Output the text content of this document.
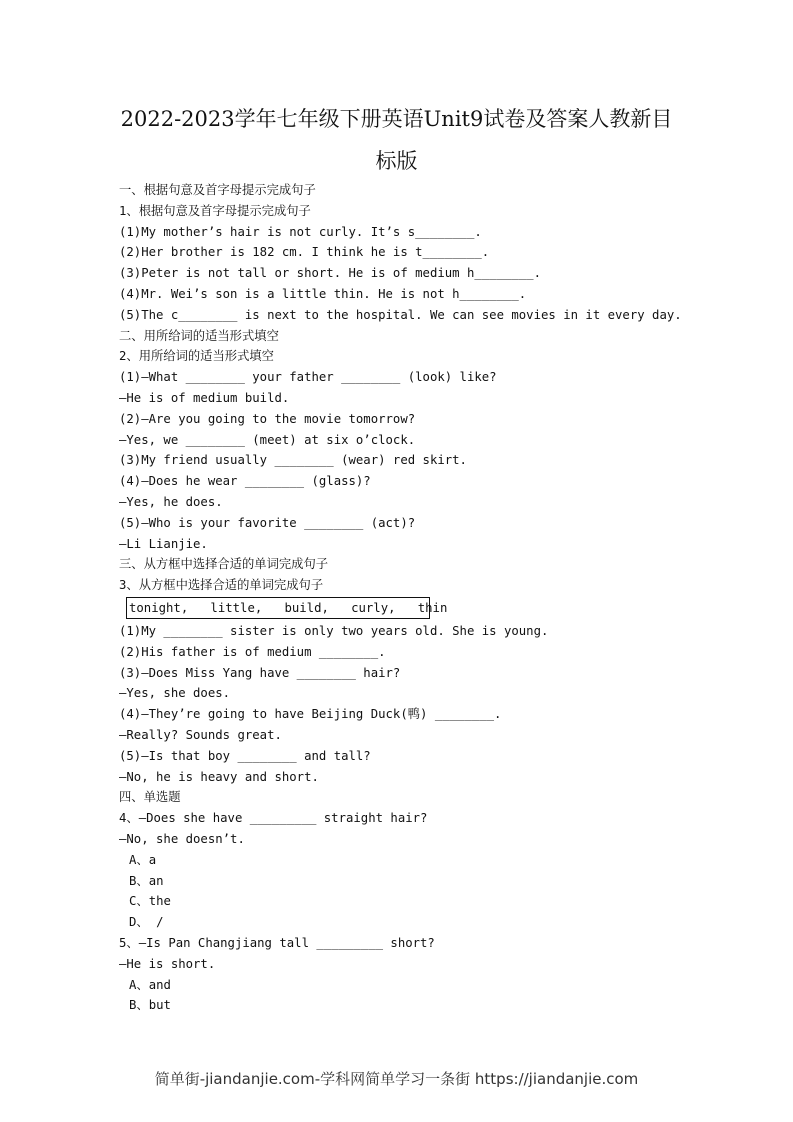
2022-2023学年七年级下册英语Unit9试卷及答案人教新目
标版
一、根据句意及首字母提示完成句子
1、根据句意及首字母提示完成句子
(1)My mother’s hair is not curly. It’s s________.
(2)Her brother is 182 cm. I think he is t________.
(3)Peter is not tall or short. He is of medium h________.
(4)Mr. Wei’s son is a little thin. He is not h________.
(5)The c________ is next to the hospital. We can see movies in it every day.
二、用所给词的适当形式填空
2、用所给词的适当形式填空
(1)—What ________ your father ________ (look) like?
—He is of medium build.
(2)—Are you going to the movie tomorrow?
—Yes, we ________ (meet) at six o’clock.
(3)My friend usually ________ (wear) red skirt.
(4)—Does he wear ________ (glass)?
—Yes, he does.
(5)—Who is your favorite ________ (act)?
—Li Lianjie.
三、从方框中选择合适的单词完成句子
3、从方框中选择合适的单词完成句子
(1)My ________ sister is only two years old. She is young.
(2)His father is of medium ________.
(3)—Does Miss Yang have ________ hair?
—Yes, she does.
(4)—They’re going to have Beijing Duck(鸭) ________.
—Really? Sounds great.
(5)—Is that boy ________ and tall?
—No, he is heavy and short.
四、单选题
4、—Does she have _________ straight hair?
—No, she doesn’t.
A、a
B、an
C、the
D、 /
5、—Is Pan Changjiang tall _________ short?
—He is short.
A、and
B、but
tonight,   little,   build,   curly,   thin
简单街-jiandanjie.com-学科网简单学习一条街 https://jiandanjie.com
